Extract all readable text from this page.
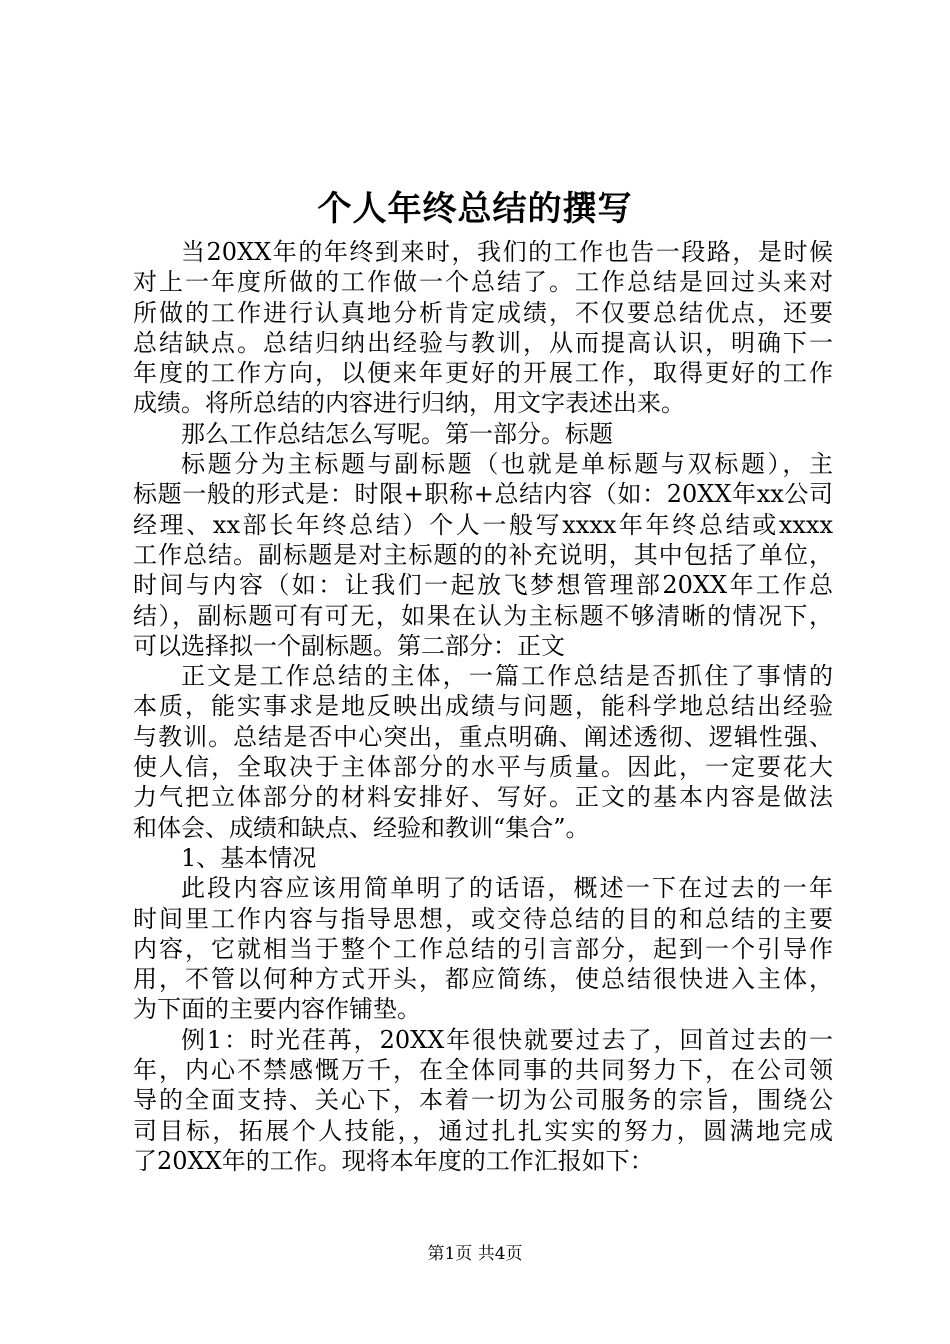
个人年终总结的撰写
当20XX年的年终到来时，我们的工作也告一段路，是时候
对上一年度所做的工作做一个总结了。工作总结是回过头来对
所做的工作进行认真地分析肯定成绩，不仅要总结优点，还要
总结缺点。总结归纳出经验与教训，从而提高认识，明确下一
年度的工作方向，以便来年更好的开展工作，取得更好的工作
成绩。将所总结的内容进行归纳，用文字表述出来。
那么工作总结怎么写呢。第一部分。标题
标题分为主标题与副标题（也就是单标题与双标题），主
标题一般的形式是：时限+职称+总结内容（如：20XX年xx公司
经理、xx部长年终总结）个人一般写xxxx年年终总结或xxxx
工作总结。副标题是对主标题的的补充说明，其中包括了单位，
时间与内容（如：让我们一起放飞梦想管理部20XX年工作总
结），副标题可有可无，如果在认为主标题不够清晰的情况下，
可以选择拟一个副标题。第二部分：正文
正文是工作总结的主体，一篇工作总结是否抓住了事情的
本质，能实事求是地反映出成绩与问题，能科学地总结出经验
与教训。总结是否中心突出，重点明确、阐述透彻、逻辑性强、
使人信，全取决于主体部分的水平与质量。因此，一定要花大
力气把立体部分的材料安排好、写好。正文的基本内容是做法
和体会、成绩和缺点、经验和教训“集合”。
1、基本情况
此段内容应该用简单明了的话语，概述一下在过去的一年
时间里工作内容与指导思想，或交待总结的目的和总结的主要
内容，它就相当于整个工作总结的引言部分，起到一个引导作
用，不管以何种方式开头，都应简练，使总结很快进入主体，
为下面的主要内容作铺垫。
例1：时光荏苒，20XX年很快就要过去了，回首过去的一
年，内心不禁感慨万千，在全体同事的共同努力下，在公司领
导的全面支持、关心下，本着一切为公司服务的宗旨，围绕公
司目标，拓展个人技能，，通过扎扎实实的努力，圆满地完成
了20XX年的工作。现将本年度的工作汇报如下：
第1页 共4页
